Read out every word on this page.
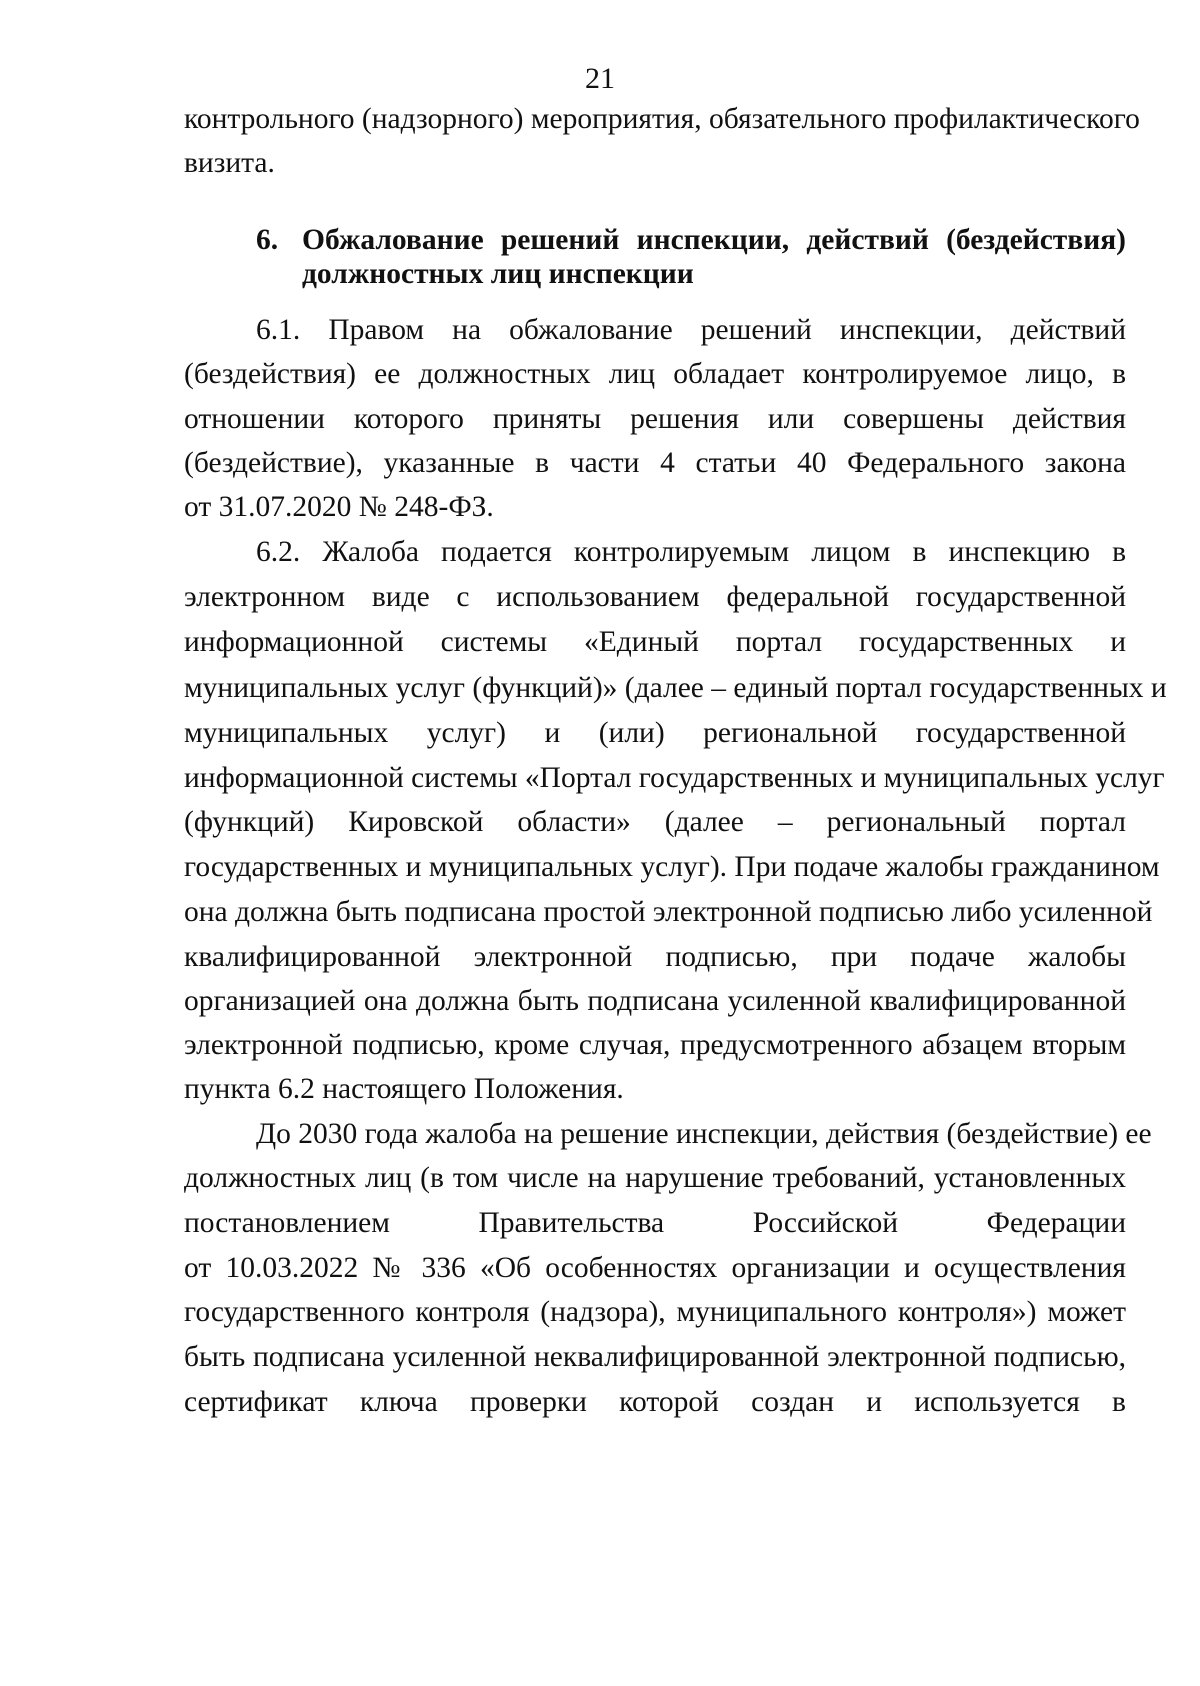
21
контрольного (надзорного) мероприятия, обязательного профилактического
визита.
6. Обжалование решений инспекции, действий (бездействия)
должностных лиц инспекции
6.1. Правом на обжалование решений инспекции, действий
(бездействия) ее должностных лиц обладает контролируемое лицо, в
отношении которого приняты решения или совершены действия
(бездействие), указанные в части 4 статьи 40 Федерального закона
от 31.07.2020 № 248-ФЗ.
6.2. Жалоба подается контролируемым лицом в инспекцию в
электронном виде с использованием федеральной государственной
информационной системы «Единый портал государственных и
муниципальных услуг (функций)» (далее – единый портал государственных и
муниципальных услуг) и (или) региональной государственной
информационной системы «Портал государственных и муниципальных услуг
(функций) Кировской области» (далее – региональный портал
государственных и муниципальных услуг). При подаче жалобы гражданином
она должна быть подписана простой электронной подписью либо усиленной
квалифицированной электронной подписью, при подаче жалобы
организацией она должна быть подписана усиленной квалифицированной
электронной подписью, кроме случая, предусмотренного абзацем вторым
пункта 6.2 настоящего Положения.
До 2030 года жалоба на решение инспекции, действия (бездействие) ее
должностных лиц (в том числе на нарушение требований, установленных
постановлением Правительства Российской Федерации
от 10.03.2022 № 336 «Об особенностях организации и осуществления
государственного контроля (надзора), муниципального контроля») может
быть подписана усиленной неквалифицированной электронной подписью,
сертификат ключа проверки которой создан и используется в
